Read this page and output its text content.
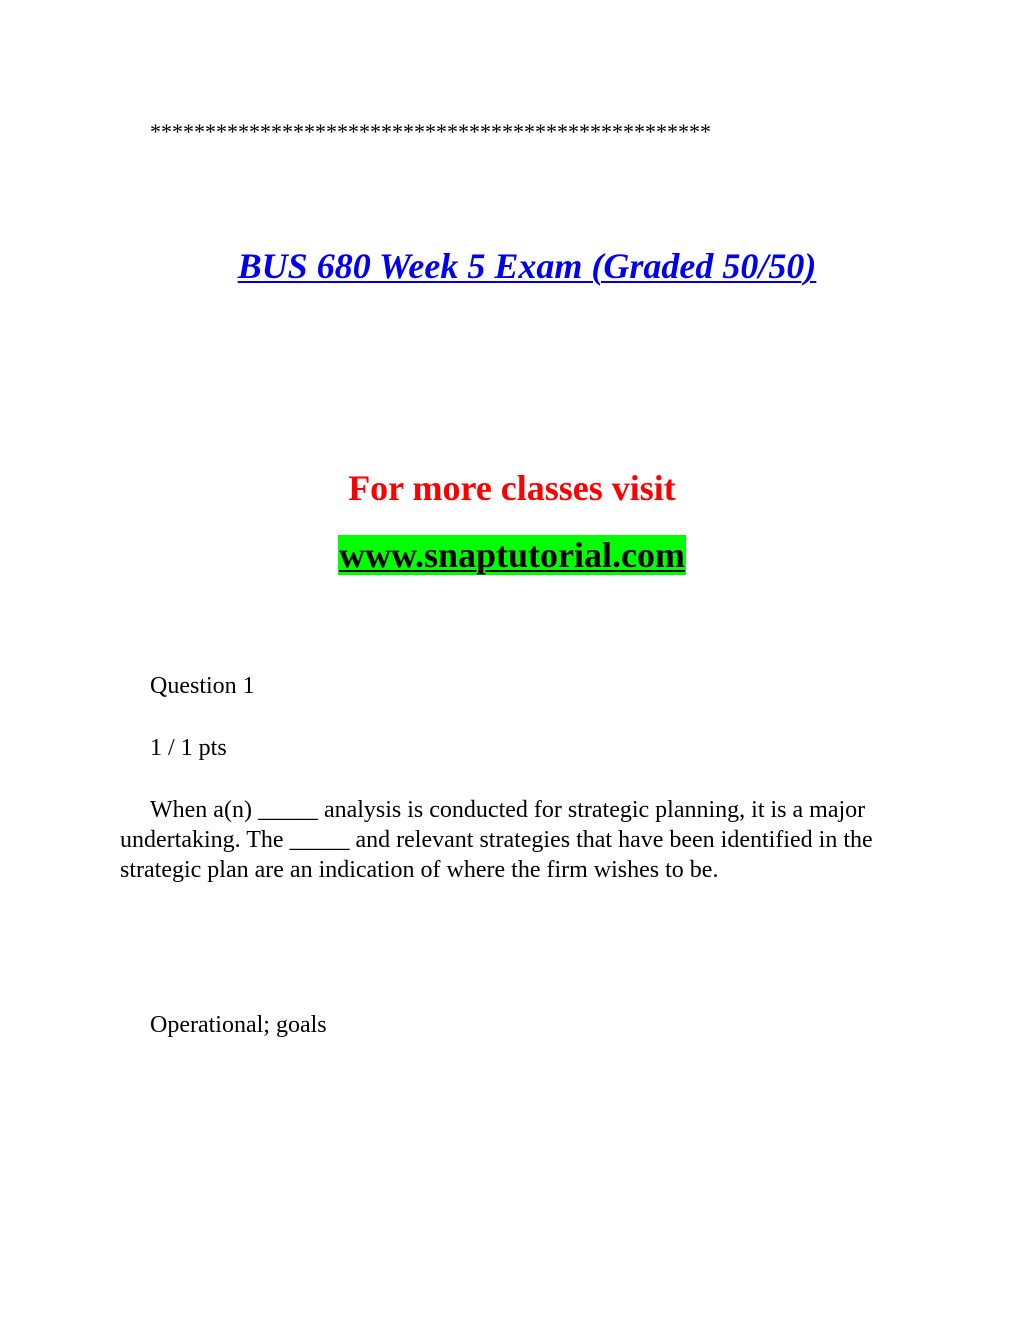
***************************************************
BUS 680 Week 5 Exam (Graded 50/50)
For more classes visit
www.snaptutorial.com
Question 1
1 / 1 pts
When a(n) _____ analysis is conducted for strategic planning, it is a major undertaking. The _____ and relevant strategies that have been identified in the strategic plan are an indication of where the firm wishes to be.
Operational; goals
